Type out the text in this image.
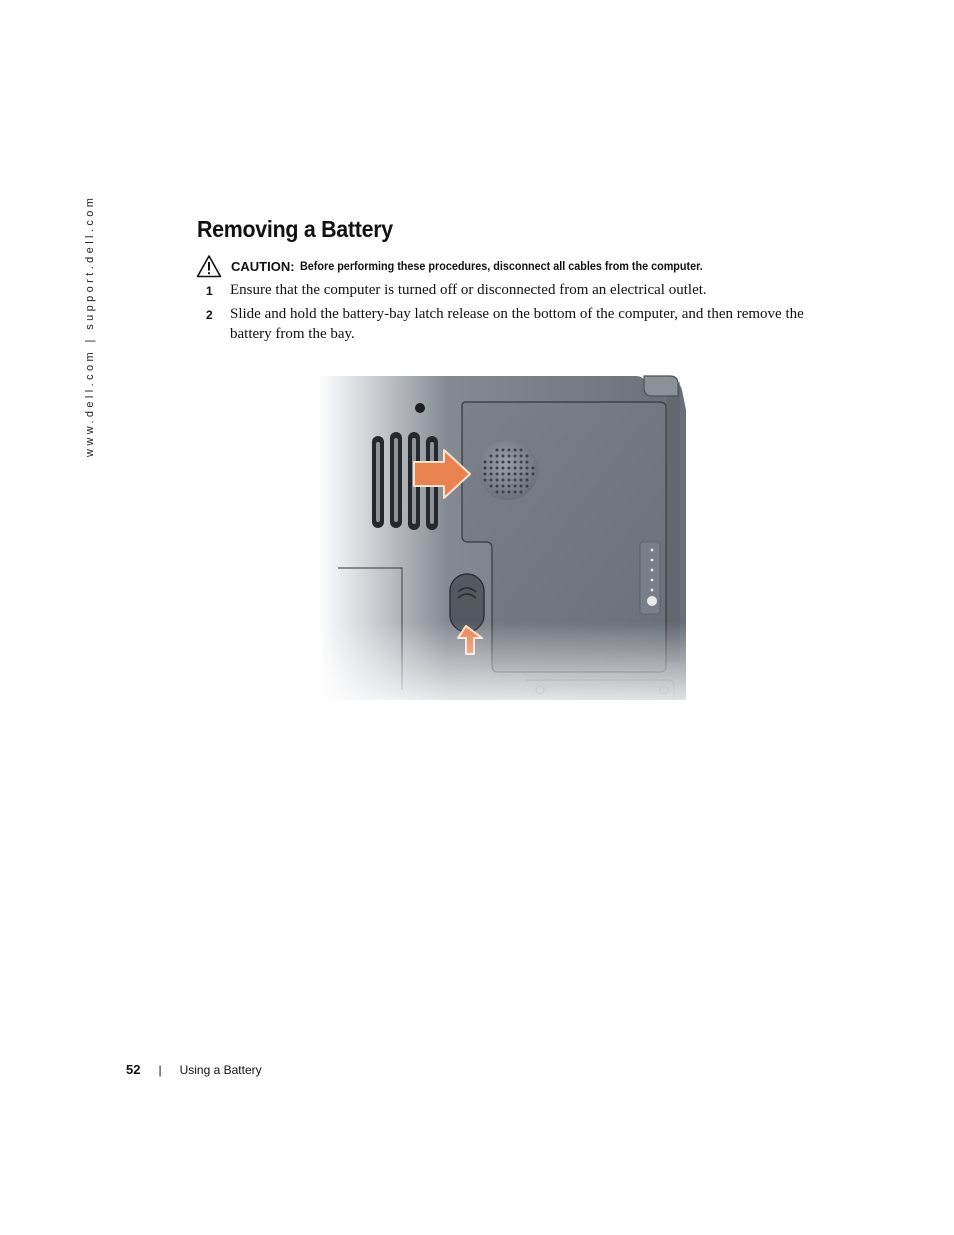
www.dell.com | support.dell.com	Removing a Battery
CAUTION: Before performing these procedures, disconnect all cables from the computer.
1 Ensure that the computer is turned off or disconnected from an electrical outlet.
2 Slide and hold the battery-bay latch release on the bottom of the computer, and then remove the battery from the bay.
52 | Using a Battery
